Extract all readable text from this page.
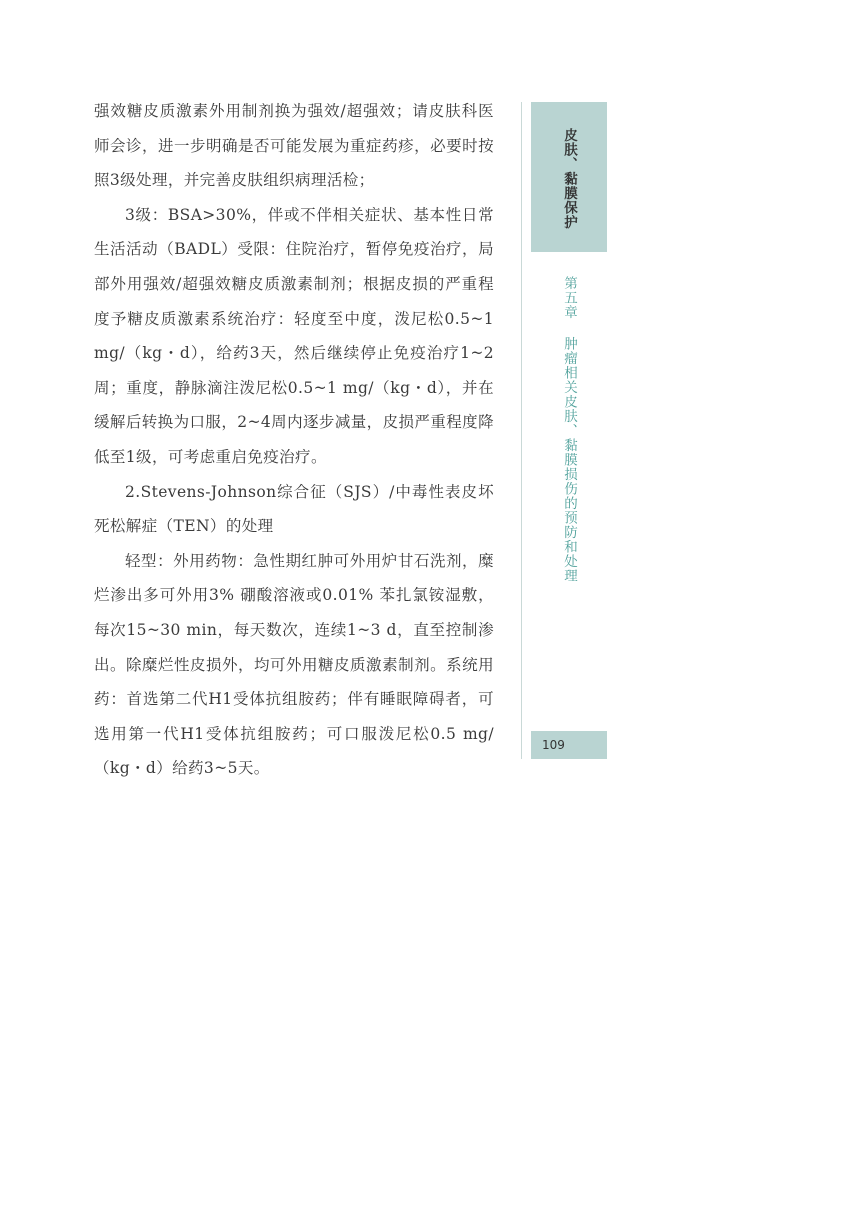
强效糖皮质激素外用制剂换为强效/超强效；请皮肤科医师会诊，进一步明确是否可能发展为重症药疹，必要时按照3级处理，并完善皮肤组织病理活检；

3级：BSA>30%，伴或不伴相关症状、基本性日常生活活动（BADL）受限：住院治疗，暂停免疫治疗，局部外用强效/超强效糖皮质激素制剂；根据皮损的严重程度予糖皮质激素系统治疗：轻度至中度，泼尼松0.5~1 mg/（kg・d），给药3天，然后继续停止免疫治疗1~2周；重度，静脉滴注泼尼松0.5~1 mg/（kg・d），并在缓解后转换为口服，2~4周内逐步减量，皮损严重程度降低至1级，可考虑重启免疫治疗。

2.Stevens-Johnson综合征（SJS）/中毒性表皮坏死松解症（TEN）的处理

轻型：外用药物：急性期红肿可外用炉甘石洗剂，糜烂渗出多可外用3% 硼酸溶液或0.01% 苯扎氯铵湿敷，每次15~30 min，每天数次，连续1~3 d，直至控制渗出。除糜烂性皮损外，均可外用糖皮质激素制剂。系统用药：首选第二代H1受体抗组胺药；伴有睡眠障碍者，可选用第一代H1受体抗组胺药；可口服泼尼松0.5 mg/（kg・d）给药3~5天。

皮肤、黏膜保护
第五章 肿瘤相关皮肤、黏膜损伤的预防和处理
109
